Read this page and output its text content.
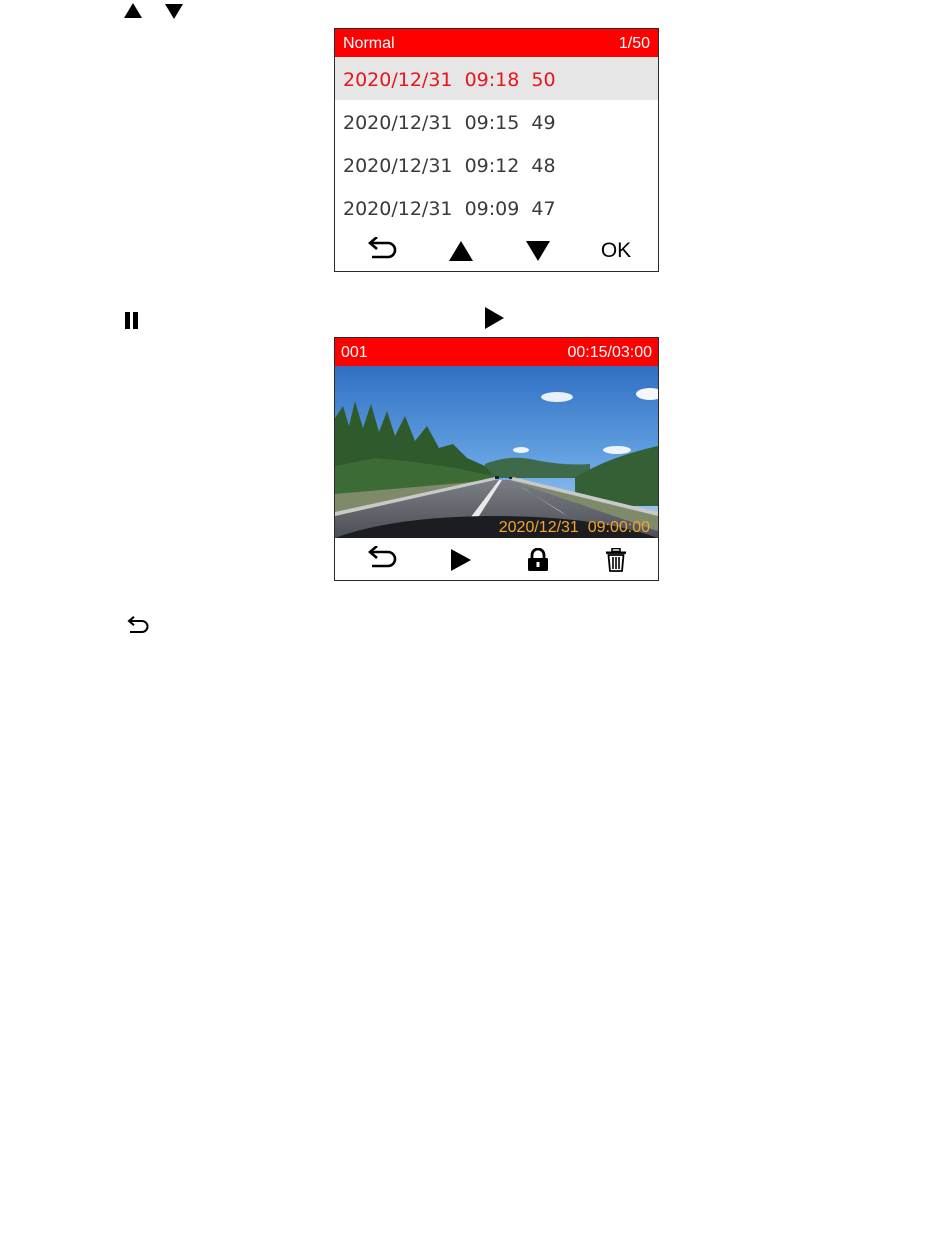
Normal	1/50
2020/12/31  09:18  50
2020/12/31  09:15  49
2020/12/31  09:12  48
2020/12/31  09:09  47
OK
001	00:15/03:00
2020/12/31  09:00:00
